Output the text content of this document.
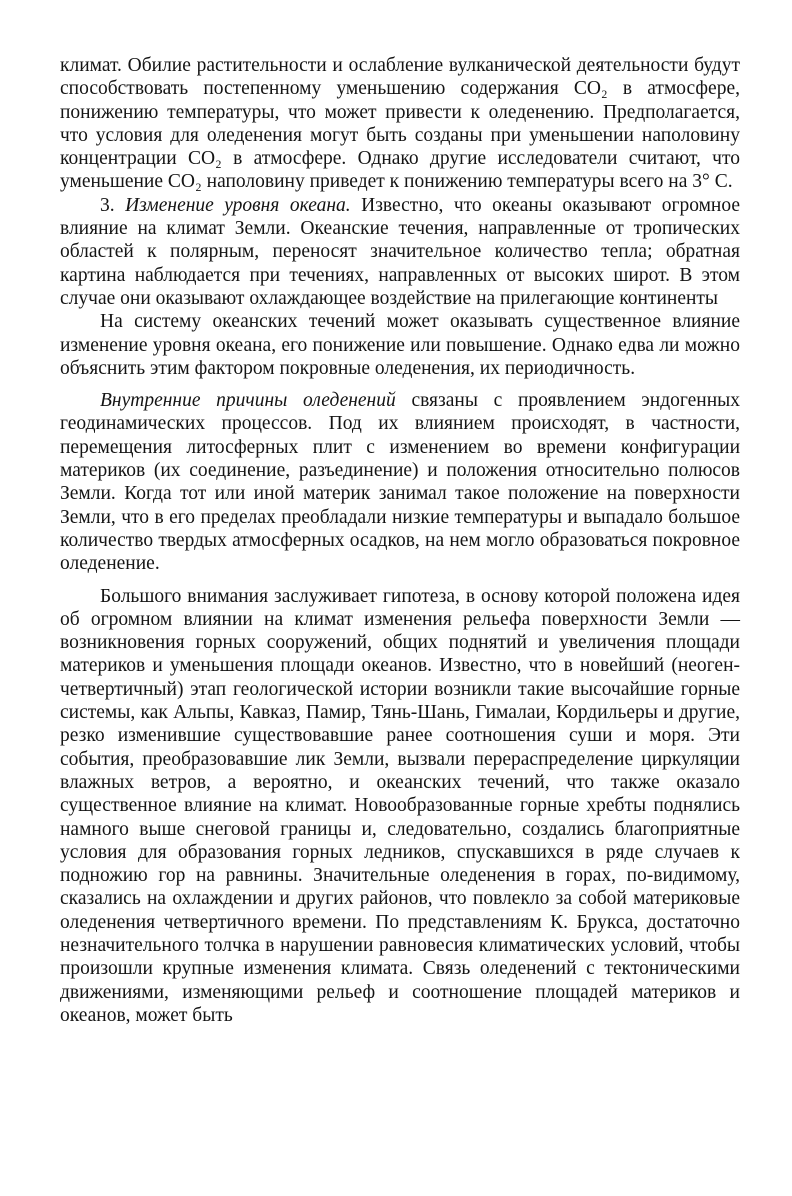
климат. Обилие растительности и ослабление вулканической деятельности будут способствовать постепенному уменьшению содержания CO₂ в атмосфере, понижению температуры, что может привести к оледенению. Предполагается, что условия для оледенения могут быть созданы при уменьшении наполовину концентрации CO₂ в атмосфере. Однако другие исследователи считают, что уменьшение CO₂ наполовину приведет к понижению температуры всего на 3° С.

3. Изменение уровня океана. Известно, что океаны оказывают огромное влияние на климат Земли. Океанские течения, направленные от тропических областей к полярным, переносят значительное количество тепла; обратная картина наблюдается при течениях, направленных от высоких широт. В этом случае они оказывают охлаждающее воздействие на прилегающие континенты

На систему океанских течений может оказывать существенное влияние изменение уровня океана, его понижение или повышение. Однако едва ли можно объяснить этим фактором покровные оледенения, их периодичность.

Внутренние причины оледенений связаны с проявлением эндогенных геодинамических процессов. Под их влиянием происходят, в частности, перемещения литосферных плит с изменением во времени конфигурации материков (их соединение, разъединение) и положения относительно полюсов Земли. Когда тот или иной материк занимал такое положение на поверхности Земли, что в его пределах преобладали низкие температуры и выпадало большое количество твердых атмосферных осадков, на нем могло образоваться покровное оледенение.

Большого внимания заслуживает гипотеза, в основу которой положена идея об огромном влиянии на климат изменения рельефа поверхности Земли — возникновения горных сооружений, общих поднятий и увеличения площади материков и уменьшения площади океанов. Известно, что в новейший (неоген-четвертичный) этап геологической истории возникли такие высочайшие горные системы, как Альпы, Кавказ, Памир, Тянь-Шань, Гималаи, Кордильеры и другие, резко изменившие существовавшие ранее соотношения суши и моря. Эти события, преобразовавшие лик Земли, вызвали перераспределение циркуляции влажных ветров, а вероятно, и океанских течений, что также оказало существенное влияние на климат. Новообразованные горные хребты поднялись намного выше снеговой границы и, следовательно, создались благоприятные условия для образования горных ледников, спускавшихся в ряде случаев к подножию гор на равнины. Значительные оледенения в горах, по-видимому, сказались на охлаждении и других районов, что повлекло за собой материковые оледенения четвертичного времени. По представлениям К. Брукса, достаточно незначительного толчка в нарушении равновесия климатических условий, чтобы произошли крупные изменения климата. Связь оледенений с тектоническими движениями, изменяющими рельеф и соотношение площадей материков и океанов, может быть
